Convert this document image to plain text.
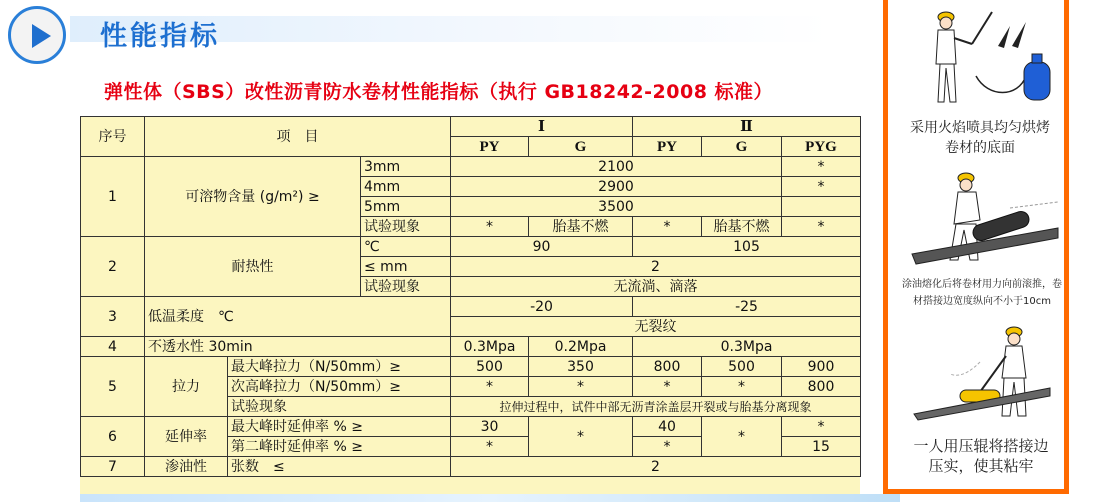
性能指标
弹性体（SBS）改性沥青防水卷材性能指标（执行 GB18242-2008 标准）
序号	项　目			Ⅰ		Ⅱ		
				PY	G	PY	G	PYG
1	可溶物含量 (g/m²) ≥		3mm	2100				*
			4mm	2900				*
			5mm	3500				
			试验现象	*	胎基不燃	*	胎基不燃	*
2	耐热性		℃	90		105		
			≤ mm	2				
			试验现象	无流淌、滴落				
3	低温柔度　℃			-20		-25		
				无裂纹				
4	不透水性 30min			0.3Mpa	0.2Mpa	0.3Mpa		
5	拉力	最大峰拉力（N/50mm）≥		500	350	800	500	900
		次高峰拉力（N/50mm）≥		*	*	*	*	800
		试验现象		拉伸过程中，试件中部无沥青涂盖层开裂或与胎基分离现象				
6	延伸率	最大峰时延伸率 % ≥		30	*	40	*	*
		第二峰时延伸率 % ≥		*		*		15
7	渗油性	张数　≤		2				
采用火焰喷具均匀烘烤卷材的底面
涂油熔化后将卷材用力向前滚推，卷材搭接边宽度纵向不小于10cm
一人用压辊将搭接边压实，使其粘牢
